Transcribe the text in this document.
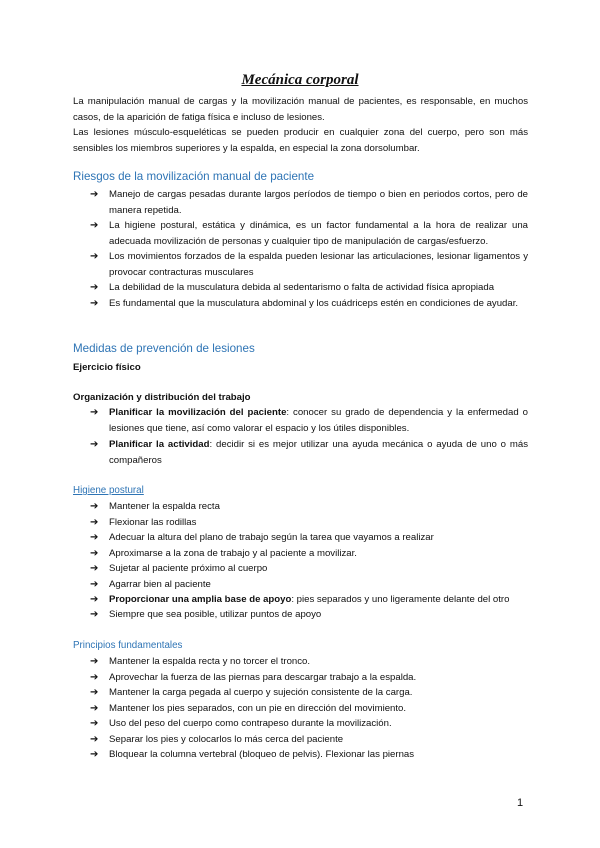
Mecánica corporal
La manipulación manual de cargas y la movilización manual de pacientes, es responsable, en muchos casos, de la aparición de fatiga física e incluso de lesiones.
Las lesiones músculo-esqueléticas se pueden producir en cualquier zona del cuerpo, pero son más sensibles los miembros superiores y la espalda, en especial la zona dorsolumbar.
Riesgos de la movilización manual de paciente
➔	Manejo de cargas pesadas durante largos períodos de tiempo o bien en periodos cortos, pero de manera repetida.
➔	La higiene postural, estática y dinámica, es un factor fundamental a la hora de realizar una adecuada movilización de personas y cualquier tipo de manipulación de cargas/esfuerzo.
➔	Los movimientos forzados de la espalda pueden lesionar las articulaciones, lesionar ligamentos y provocar contracturas musculares
➔	La debilidad de la musculatura debida al sedentarismo o falta de actividad física apropiada
➔	Es fundamental que la musculatura abdominal y los cuádriceps estén en condiciones de ayudar.
Medidas de prevención de lesiones
Ejercicio físico
Organización y distribución del trabajo
➔	Planificar la movilización del paciente: conocer su grado de dependencia y la enfermedad o lesiones que tiene, así como valorar el espacio y los útiles disponibles.
➔	Planificar la actividad: decidir si es mejor utilizar una ayuda mecánica o ayuda de uno o más compañeros
Higiene postural
➔	Mantener la espalda recta
➔	Flexionar las rodillas
➔	Adecuar la altura del plano de trabajo según la tarea que vayamos a realizar
➔	Aproximarse a la zona de trabajo y al paciente a movilizar.
➔	Sujetar al paciente próximo al cuerpo
➔	Agarrar bien al paciente
➔	Proporcionar una amplia base de apoyo: pies separados y uno ligeramente delante del otro
➔	Siempre que sea posible, utilizar puntos de apoyo
Principios fundamentales
➔	Mantener la espalda recta y no torcer el tronco.
➔	Aprovechar la fuerza de las piernas para descargar trabajo a la espalda.
➔	Mantener la carga pegada al cuerpo y sujeción consistente de la carga.
➔	Mantener los pies separados, con un pie en dirección del movimiento.
➔	Uso del peso del cuerpo como contrapeso durante la movilización.
➔	Separar los pies y colocarlos lo más cerca del paciente
➔	Bloquear la columna vertebral (bloqueo de pelvis). Flexionar las piernas
1
